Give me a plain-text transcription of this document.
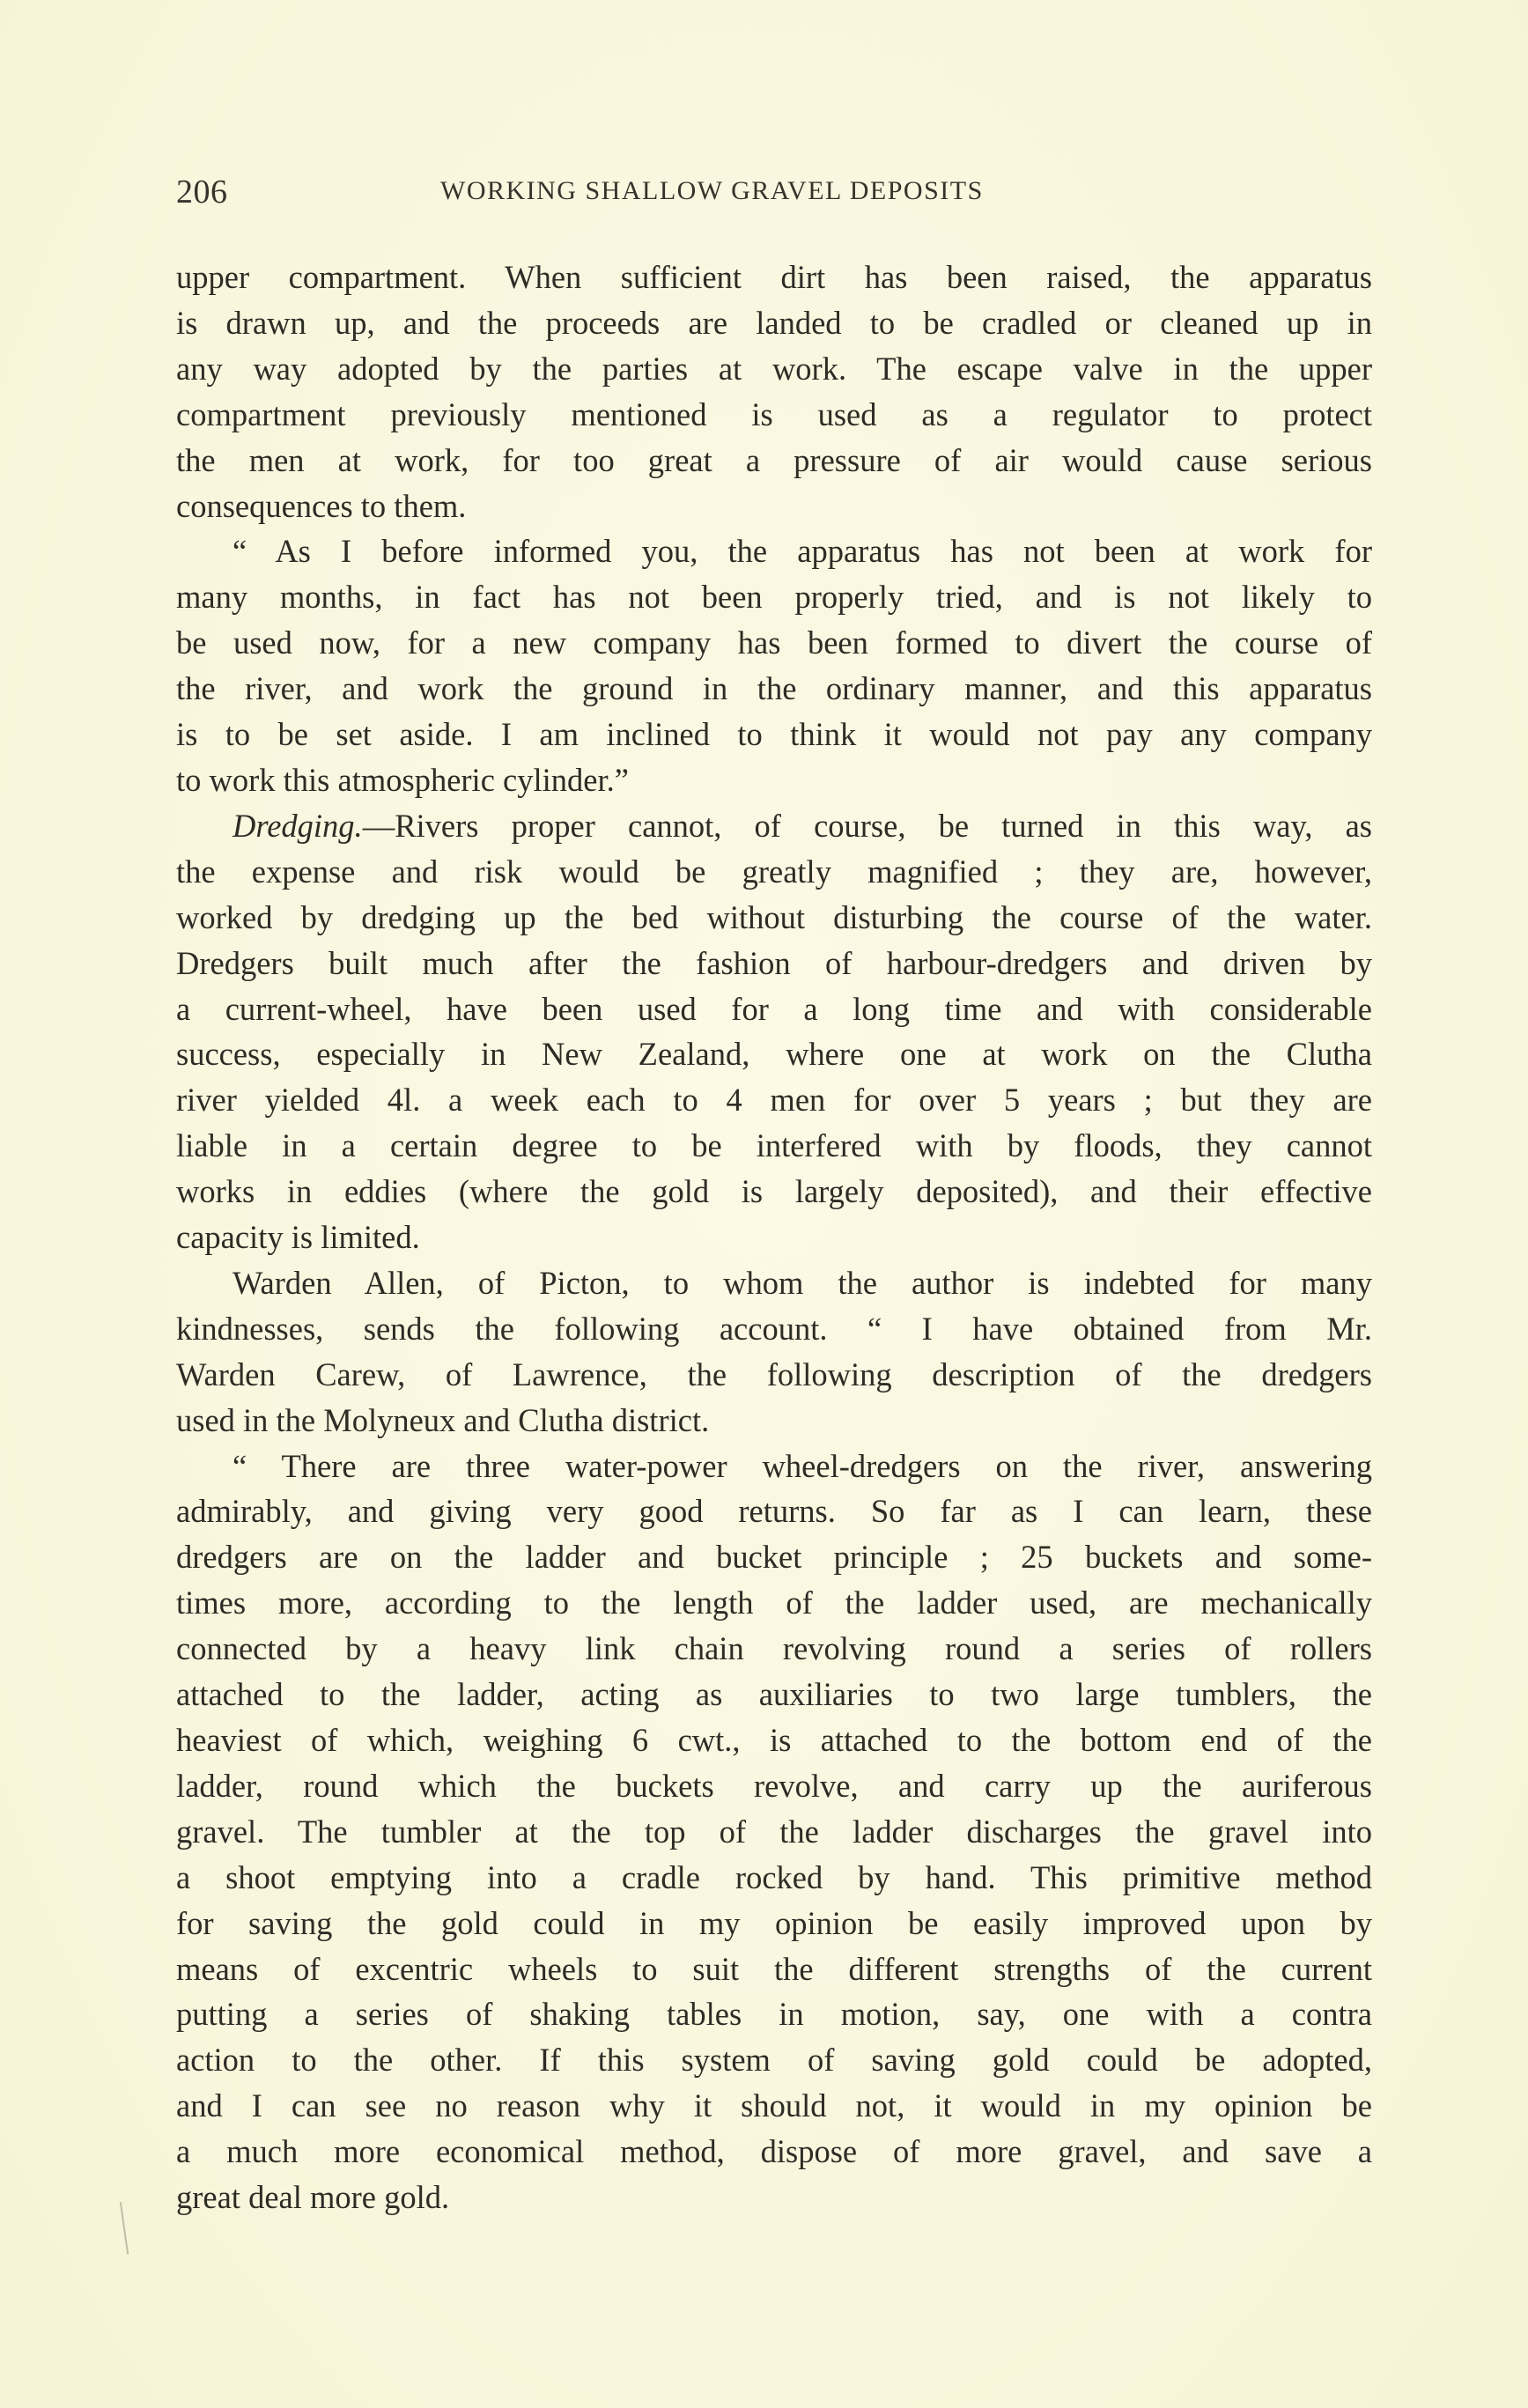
206	WORKING SHALLOW GRAVEL DEPOSITS
upper compartment. When sufficient dirt has been raised, the apparatus
is drawn up, and the proceeds are landed to be cradled or cleaned up in
any way adopted by the parties at work. The escape valve in the upper
compartment previously mentioned is used as a regulator to protect
the men at work, for too great a pressure of air would cause serious
consequences to them.
“ As I before informed you, the apparatus has not been at work for
many months, in fact has not been properly tried, and is not likely to
be used now, for a new company has been formed to divert the course of
the river, and work the ground in the ordinary manner, and this apparatus
is to be set aside. I am inclined to think it would not pay any company
to work this atmospheric cylinder.”
Dredging.—Rivers proper cannot, of course, be turned in this way, as
the expense and risk would be greatly magnified ; they are, however,
worked by dredging up the bed without disturbing the course of the water.
Dredgers built much after the fashion of harbour-dredgers and driven by
a current-wheel, have been used for a long time and with considerable
success, especially in New Zealand, where one at work on the Clutha
river yielded 4l. a week each to 4 men for over 5 years ; but they are
liable in a certain degree to be interfered with by floods, they cannot
works in eddies (where the gold is largely deposited), and their effective
capacity is limited.
Warden Allen, of Picton, to whom the author is indebted for many
kindnesses, sends the following account. “ I have obtained from Mr.
Warden Carew, of Lawrence, the following description of the dredgers
used in the Molyneux and Clutha district.
“ There are three water-power wheel-dredgers on the river, answering
admirably, and giving very good returns. So far as I can learn, these
dredgers are on the ladder and bucket principle ; 25 buckets and some-
times more, according to the length of the ladder used, are mechanically
connected by a heavy link chain revolving round a series of rollers
attached to the ladder, acting as auxiliaries to two large tumblers, the
heaviest of which, weighing 6 cwt., is attached to the bottom end of the
ladder, round which the buckets revolve, and carry up the auriferous
gravel. The tumbler at the top of the ladder discharges the gravel into
a shoot emptying into a cradle rocked by hand. This primitive method
for saving the gold could in my opinion be easily improved upon by
means of excentric wheels to suit the different strengths of the current
putting a series of shaking tables in motion, say, one with a contra
action to the other. If this system of saving gold could be adopted,
and I can see no reason why it should not, it would in my opinion be
a much more economical method, dispose of more gravel, and save a
great deal more gold.
